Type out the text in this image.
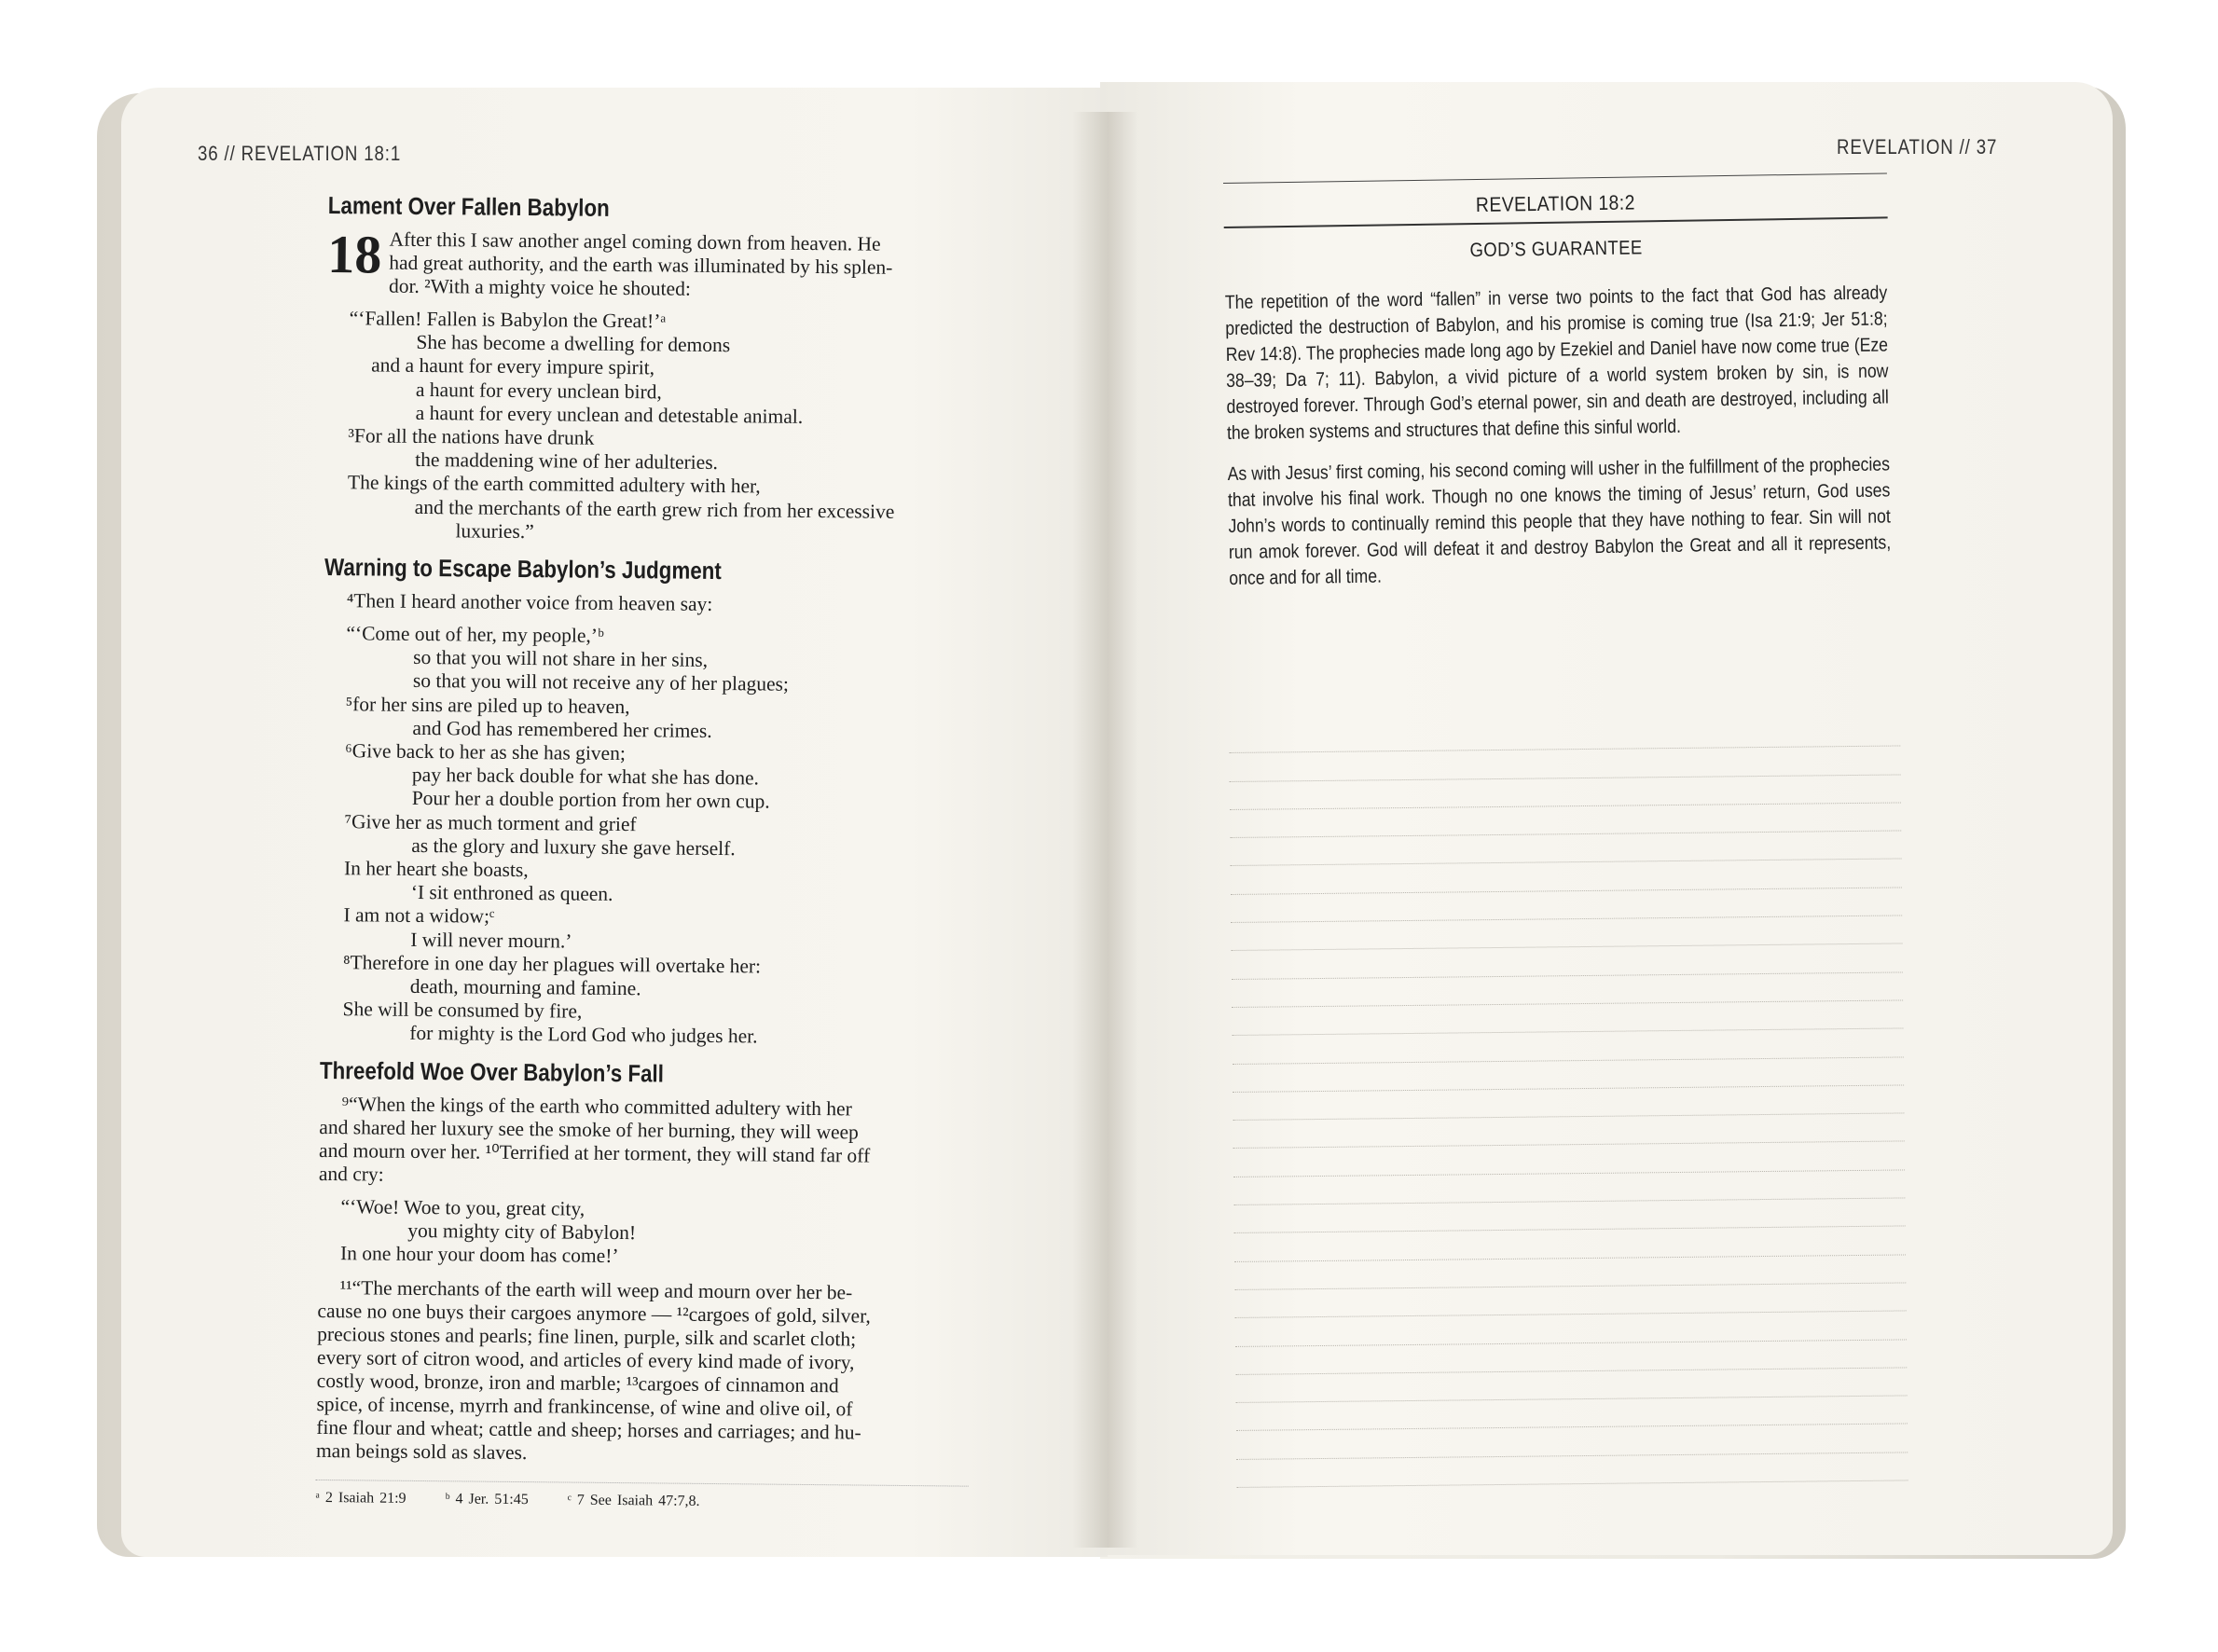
36 // REVELATION 18:1
Lament Over Fallen Babylon
18 After this I saw another angel coming down from heaven. He
had great authority, and the earth was illuminated by his splen-
dor. ²With a mighty voice he shouted:
“‘Fallen! Fallen is Babylon the Great!’ᵃ
She has become a dwelling for demons
and a haunt for every impure spirit,
a haunt for every unclean bird,
a haunt for every unclean and detestable animal.
³For all the nations have drunk
the maddening wine of her adulteries.
The kings of the earth committed adultery with her,
and the merchants of the earth grew rich from her excessive
luxuries.”
Warning to Escape Babylon’s Judgment
⁴Then I heard another voice from heaven say:
“‘Come out of her, my people,’ᵇ
so that you will not share in her sins,
so that you will not receive any of her plagues;
⁵for her sins are piled up to heaven,
and God has remembered her crimes.
⁶Give back to her as she has given;
pay her back double for what she has done.
Pour her a double portion from her own cup.
⁷Give her as much torment and grief
as the glory and luxury she gave herself.
In her heart she boasts,
‘I sit enthroned as queen.
I am not a widow;ᶜ
I will never mourn.’
⁸Therefore in one day her plagues will overtake her:
death, mourning and famine.
She will be consumed by fire,
for mighty is the Lord God who judges her.
Threefold Woe Over Babylon’s Fall
⁹“When the kings of the earth who committed adultery with her
and shared her luxury see the smoke of her burning, they will weep
and mourn over her. ¹⁰Terrified at her torment, they will stand far off
and cry:
“‘Woe! Woe to you, great city,
you mighty city of Babylon!
In one hour your doom has come!’
¹¹“The merchants of the earth will weep and mourn over her be-
cause no one buys their cargoes anymore — ¹²cargoes of gold, silver,
precious stones and pearls; fine linen, purple, silk and scarlet cloth;
every sort of citron wood, and articles of every kind made of ivory,
costly wood, bronze, iron and marble; ¹³cargoes of cinnamon and
spice, of incense, myrrh and frankincense, of wine and olive oil, of
fine flour and wheat; cattle and sheep; horses and carriages; and hu-
man beings sold as slaves.
ᵃ 2 Isaiah 21:9	ᵇ 4 Jer. 51:45	ᶜ 7 See Isaiah 47:7,8.
REVELATION // 37
REVELATION 18:2
GOD’S GUARANTEE

The repetition of the word “fallen” in verse two points to the fact that God has already predicted the destruction of Babylon, and his promise is coming true (Isa 21:9; Jer 51:8; Rev 14:8). The prophecies made long ago by Ezekiel and Daniel have now come true (Eze 38–39; Da 7; 11). Babylon, a vivid picture of a world system broken by sin, is now destroyed forever. Through God’s eternal power, sin and death are destroyed, including all the broken systems and structures that define this sinful world.

As with Jesus’ first coming, his second coming will usher in the fulfillment of the prophecies that involve his final work. Though no one knows the timing of Jesus’ return, God uses John’s words to continually remind this people that they have nothing to fear. Sin will not run amok forever. God will defeat it and destroy Babylon the Great and all it represents, once and for all time.
